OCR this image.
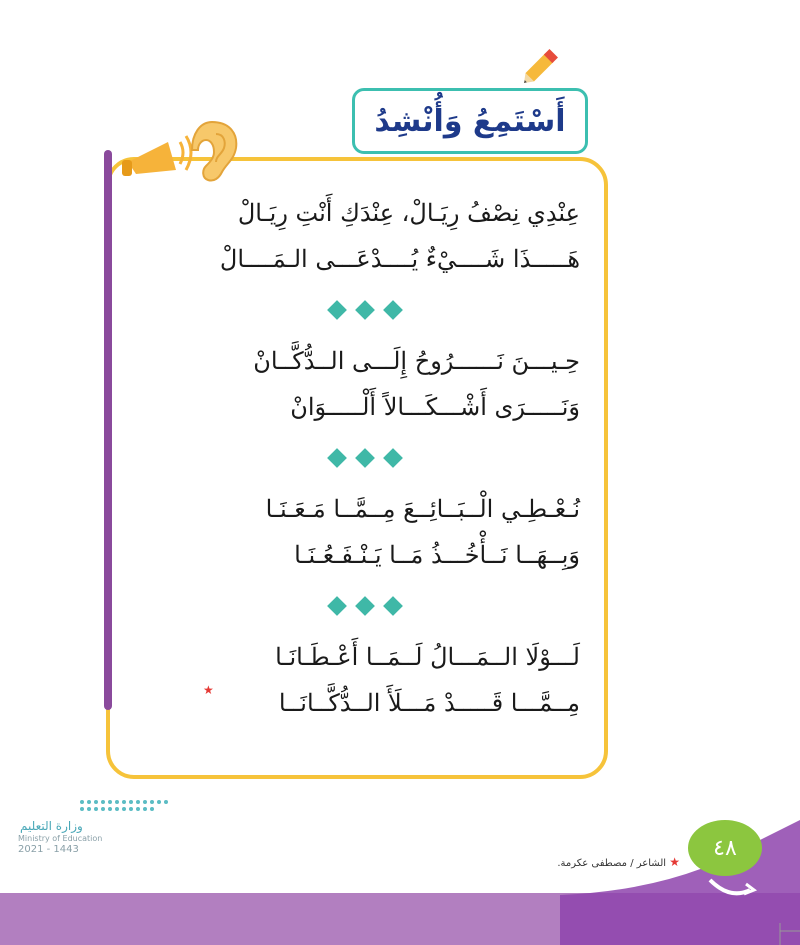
أَسْتَمِعُ وَأُنْشِدُ
عِنْدِي نِصْفُ رِيَـالْ، عِنْدَكِ أَنْتِ رِيَـالْ
هَـــــذَا شَــــيْءٌ يُــــدْعَـــى الـمَــــالْ
حِـيـــنَ نَــــــرُوحُ إِلَـــى الــدُّكَّــانْ
وَنَـــــرَى أَشْـــكَـــالاً أَلْـــــوَانْ
نُـعْـطِـي الْــبَــائِــعَ مِــمَّــا مَـعَـنَـا
وَبِــهَــا نَــأْخُـــذُ مَــا يَـنْـفَـعُـنَـا
لَـــوْلَا الــمَـــالُ لَــمَــا أَعْـطَـانَـا
مِــمَّـــا قَـــــدْ مَـــلَأَ الــدُّكَّــانَــا
★
٤٨
★ الشاعر / مصطفى عكرمة.
وزارة التعليم
Ministry of Education
2021 - 1443
